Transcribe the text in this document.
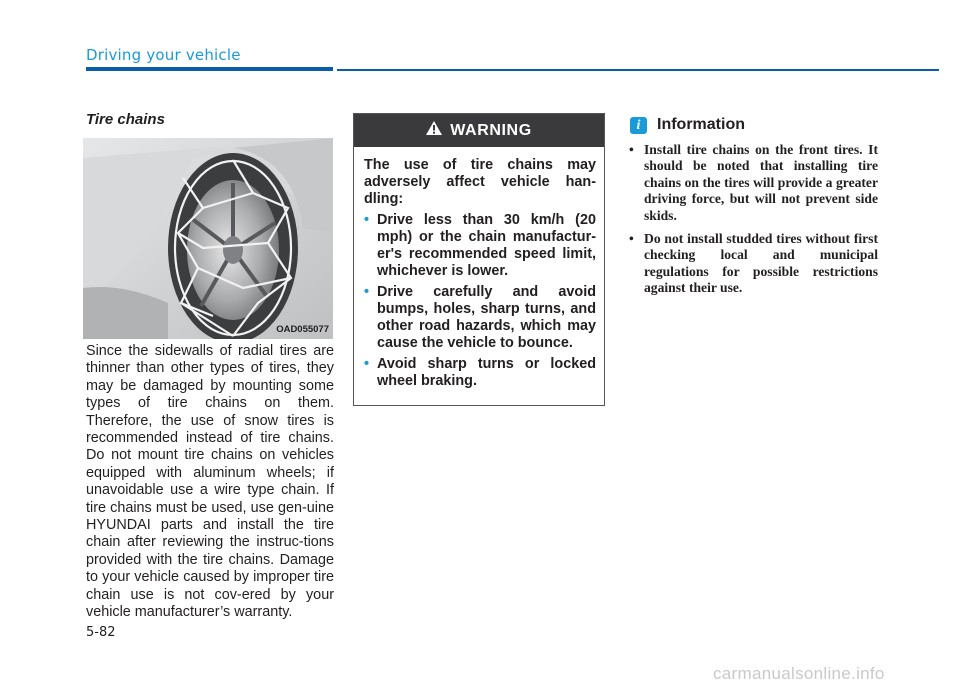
Driving your vehicle
Tire chains
OAD055077

Since the sidewalls of radial tires are thinner than other types of tires, they may be damaged by mounting some types of tire chains on them. Therefore, the use of snow tires is recommended instead of tire chains. Do not mount tire chains on vehicles equipped with aluminum wheels; if unavoidable use a wire type chain. If tire chains must be used, use gen-uine HYUNDAI parts and install the tire chain after reviewing the instruc-tions provided with the tire chains. Damage to your vehicle caused by improper tire chain use is not cov-ered by your vehicle manufacturer’s warranty.

WARNING

The use of tire chains may adversely affect vehicle han-dling:

• Drive less than 30 km/h (20 mph) or the chain manufactur-er's recommended speed limit, whichever is lower.
• Drive carefully and avoid bumps, holes, sharp turns, and other road hazards, which may cause the vehicle to bounce.
• Avoid sharp turns or locked wheel braking.
i	Information
• Install tire chains on the front tires. It should be noted that installing tire chains on the tires will provide a greater driving force, but will not prevent side skids.
• Do not install studded tires without first checking local and municipal regulations for possible restrictions against their use.
5-82
carmanualsonline.info
